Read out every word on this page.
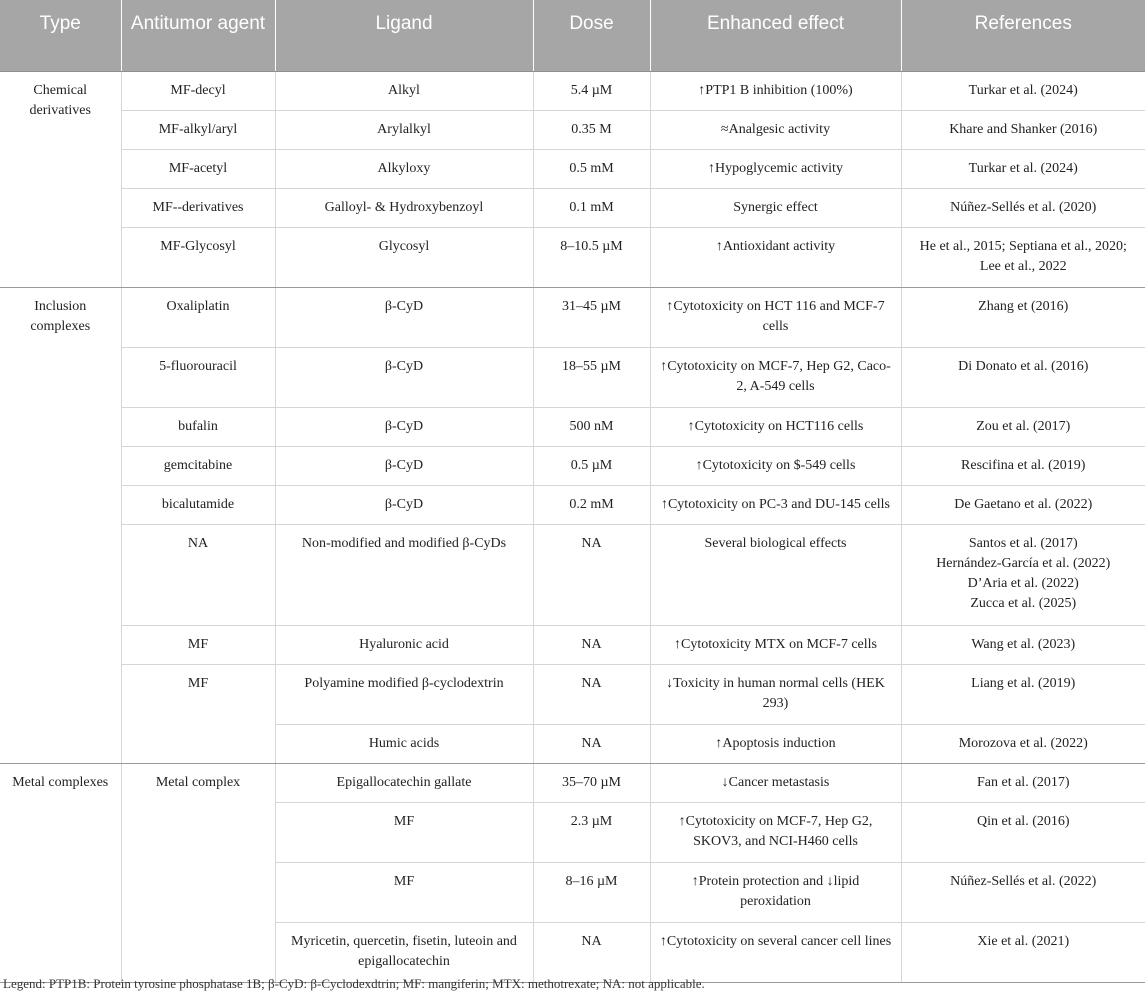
Type	Antitumor agent	Ligand	Dose	Enhanced effect	References

Chemical derivatives	MF-decyl	Alkyl	5.4 µM	↑PTP1 B inhibition (100%)	Turkar et al. (2024)

	MF-alkyl/aryl	Arylalkyl	0.35 M	≈Analgesic activity	Khare and Shanker (2016)

	MF-acetyl	Alkyloxy	0.5 mM	↑Hypoglycemic activity	Turkar et al. (2024)

	MF--derivatives	Galloyl- & Hydroxybenzoyl	0.1 mM	Synergic effect	Núñez-Sellés et al. (2020)

	MF-Glycosyl	Glycosyl	8–10.5 µM	↑Antioxidant activity	He et al., 2015; Septiana et al., 2020; Lee et al., 2022

Inclusion complexes	Oxaliplatin	β-CyD	31–45 µM	↑Cytotoxicity on HCT 116 and MCF-7 cells	Zhang et (2016)

	5-fluorouracil	β-CyD	18–55 µM	↑Cytotoxicity on MCF-7, Hep G2, Caco-2, A-549 cells	Di Donato et al. (2016)

	bufalin	β-CyD	500 nM	↑Cytotoxicity on HCT116 cells	Zou et al. (2017)

	gemcitabine	β-CyD	0.5 µM	↑Cytotoxicity on $-549 cells	Rescifina et al. (2019)

	bicalutamide	β-CyD	0.2 mM	↑Cytotoxicity on PC-3 and DU-145 cells	De Gaetano et al. (2022)

	NA	Non-modified and modified β-CyDs	NA	Several biological effects	Santos et al. (2017)
Hernández-García et al. (2022)
D’Aria et al. (2022)
Zucca et al. (2025)

	MF	Hyaluronic acid	NA	↑Cytotoxicity MTX on MCF-7 cells	Wang et al. (2023)

	MF	Polyamine modified β-cyclodextrin	NA	↓Toxicity in human normal cells (HEK 293)	Liang et al. (2019)

		Humic acids	NA	↑Apoptosis induction	Morozova et al. (2022)

Metal complexes	Metal complex	Epigallocatechin gallate	35–70 µM	↓Cancer metastasis	Fan et al. (2017)

		MF	2.3 µM	↑Cytotoxicity on MCF-7, Hep G2, SKOV3, and NCI-H460 cells	Qin et al. (2016)

		MF	8–16 µM	↑Protein protection and ↓lipid peroxidation	Núñez-Sellés et al. (2022)

		Myricetin, quercetin, fisetin, luteoin and epigallocatechin	NA	↑Cytotoxicity on several cancer cell lines	Xie et al. (2021)
Legend: PTP1B: Protein tyrosine phosphatase 1B; β-CyD: β-Cyclodexdtrin; MF: mangiferin; MTX: methotrexate; NA: not applicable.
